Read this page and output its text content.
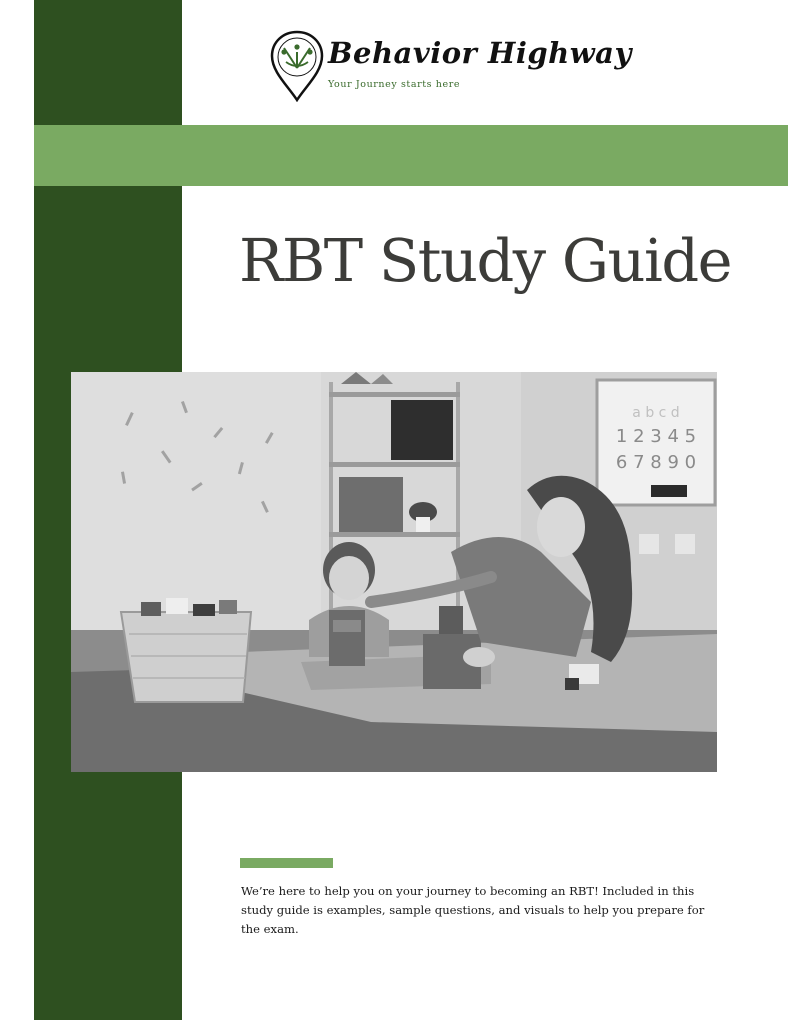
Behavior Highway
Your Journey starts here
RBT Study Guide
a b c d
1 2 3 4 5
6 7 8 9 0

We’re here to help you on your journey to becoming an RBT! Included in this study guide is examples, sample questions, and visuals to help you prepare for the exam.
